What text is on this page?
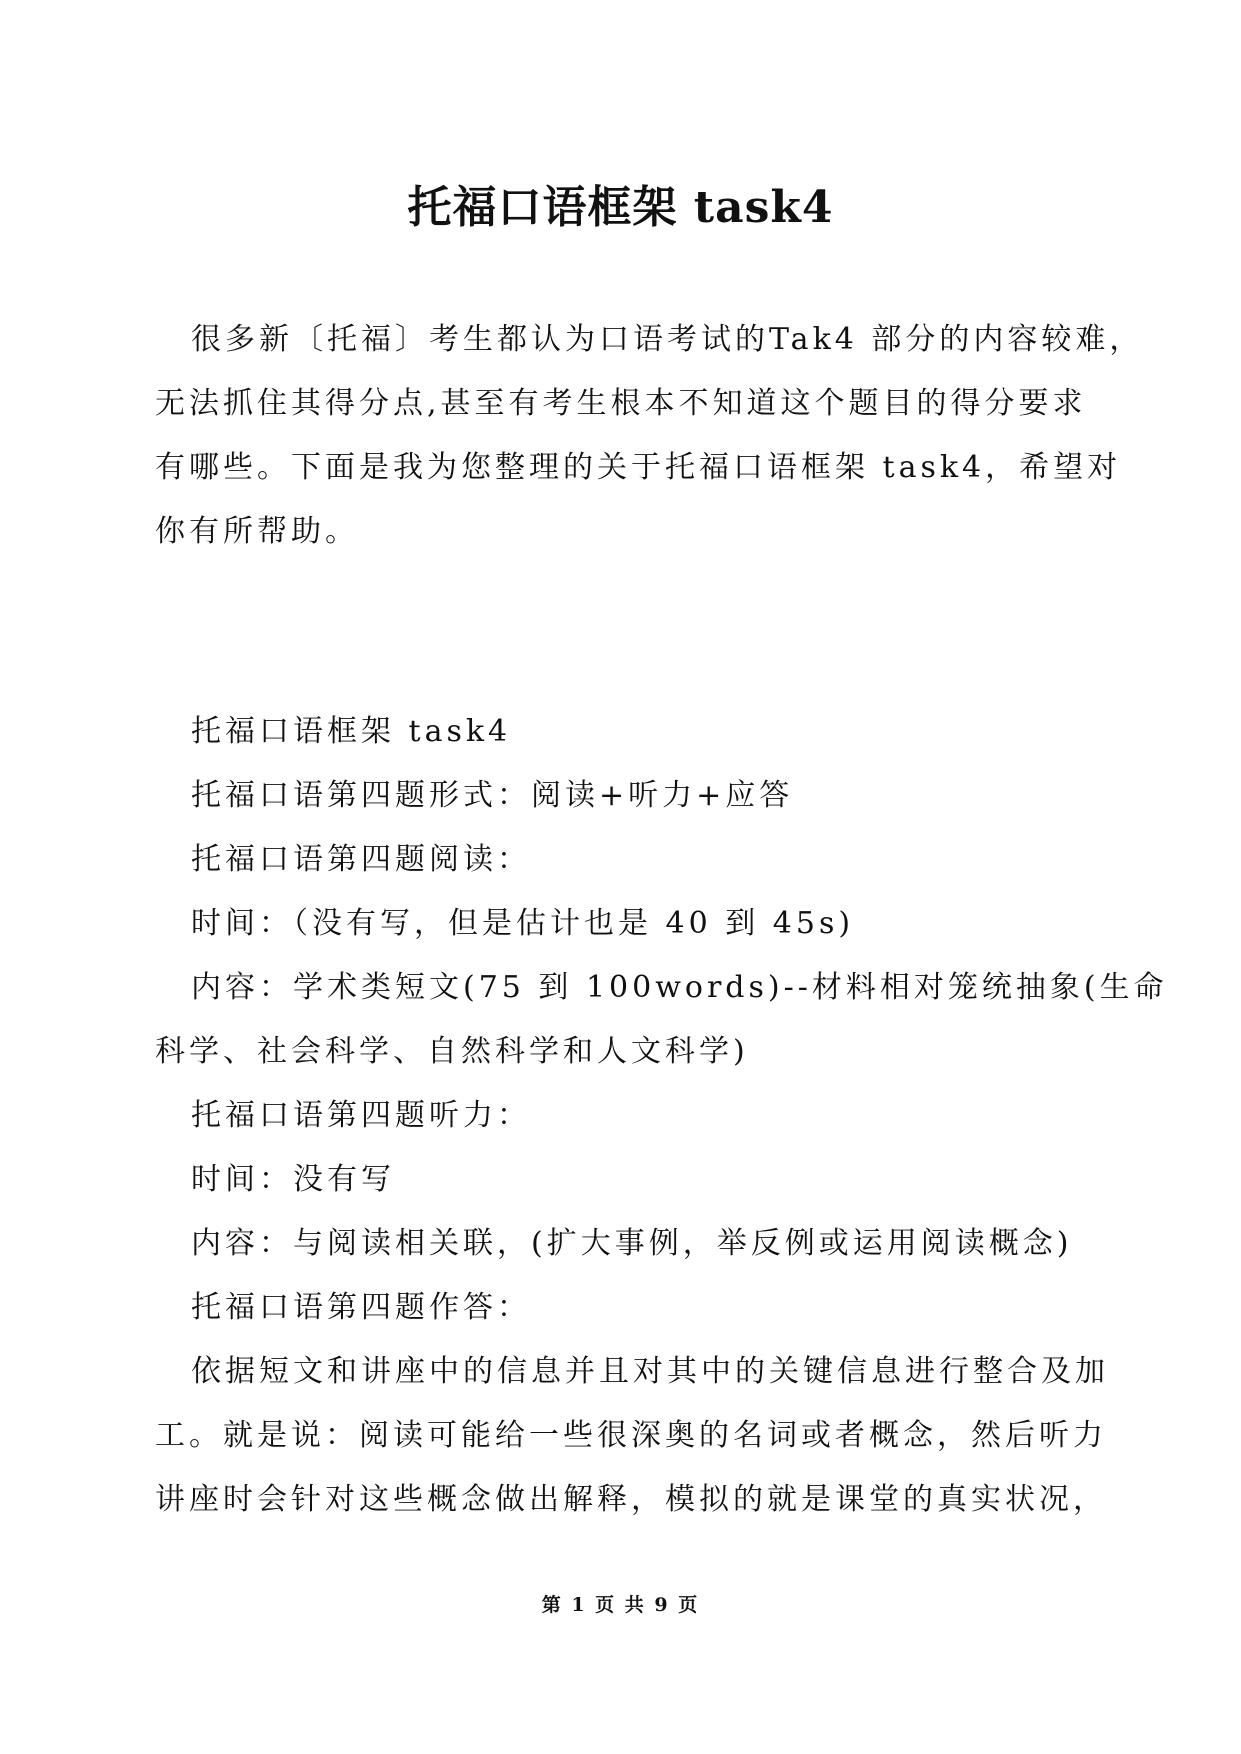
托福口语框架 task4
很多新〔托福〕考生都认为口语考试的Tak4 部分的内容较难，
无法抓住其得分点,甚至有考生根本不知道这个题目的得分要求
有哪些。下面是我为您整理的关于托福口语框架 task4，希望对
你有所帮助。
托福口语框架 task4
托福口语第四题形式：阅读+听力+应答
托福口语第四题阅读：
时间：（没有写，但是估计也是 40 到 45s)
内容：学术类短文(75 到 100words)--材料相对笼统抽象(生命
科学、社会科学、自然科学和人文科学)
托福口语第四题听力：
时间：没有写
内容：与阅读相关联，(扩大事例，举反例或运用阅读概念)
托福口语第四题作答：
依据短文和讲座中的信息并且对其中的关键信息进行整合及加
工。就是说：阅读可能给一些很深奥的名词或者概念，然后听力
讲座时会针对这些概念做出解释，模拟的就是课堂的真实状况，
第 1 页 共 9 页
